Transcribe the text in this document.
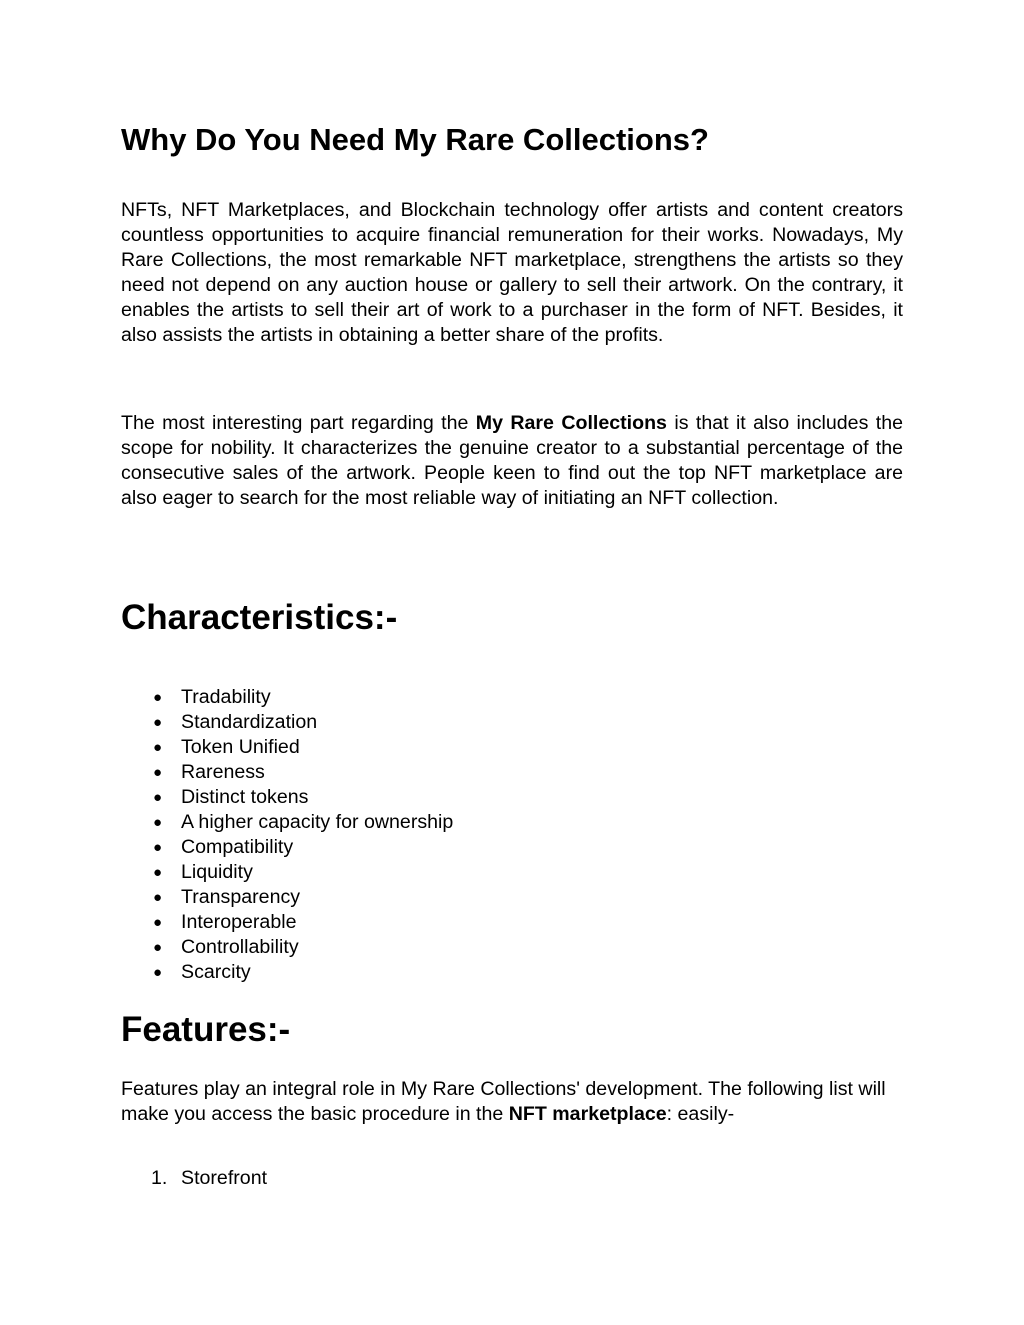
Why Do You Need My Rare Collections?

NFTs, NFT Marketplaces, and Blockchain technology offer artists and content creators countless opportunities to acquire financial remuneration for their works. Nowadays, My Rare Collections, the most remarkable NFT marketplace, strengthens the artists so they need not depend on any auction house or gallery to sell their artwork. On the contrary, it enables the artists to sell their art of work to a purchaser in the form of NFT. Besides, it also assists the artists in obtaining a better share of the profits.

The most interesting part regarding the My Rare Collections is that it also includes the scope for nobility. It characterizes the genuine creator to a substantial percentage of the consecutive sales of the artwork. People keen to find out the top NFT marketplace are also eager to search for the most reliable way of initiating an NFT collection.

Characteristics:-
● Tradability
● Standardization
● Token Unified
● Rareness
● Distinct tokens
● A higher capacity for ownership
● Compatibility
● Liquidity
● Transparency
● Interoperable
● Controllability
● Scarcity
Features:-

Features play an integral role in My Rare Collections' development. The following list will make you access the basic procedure in the NFT marketplace: easily-

1. Storefront
